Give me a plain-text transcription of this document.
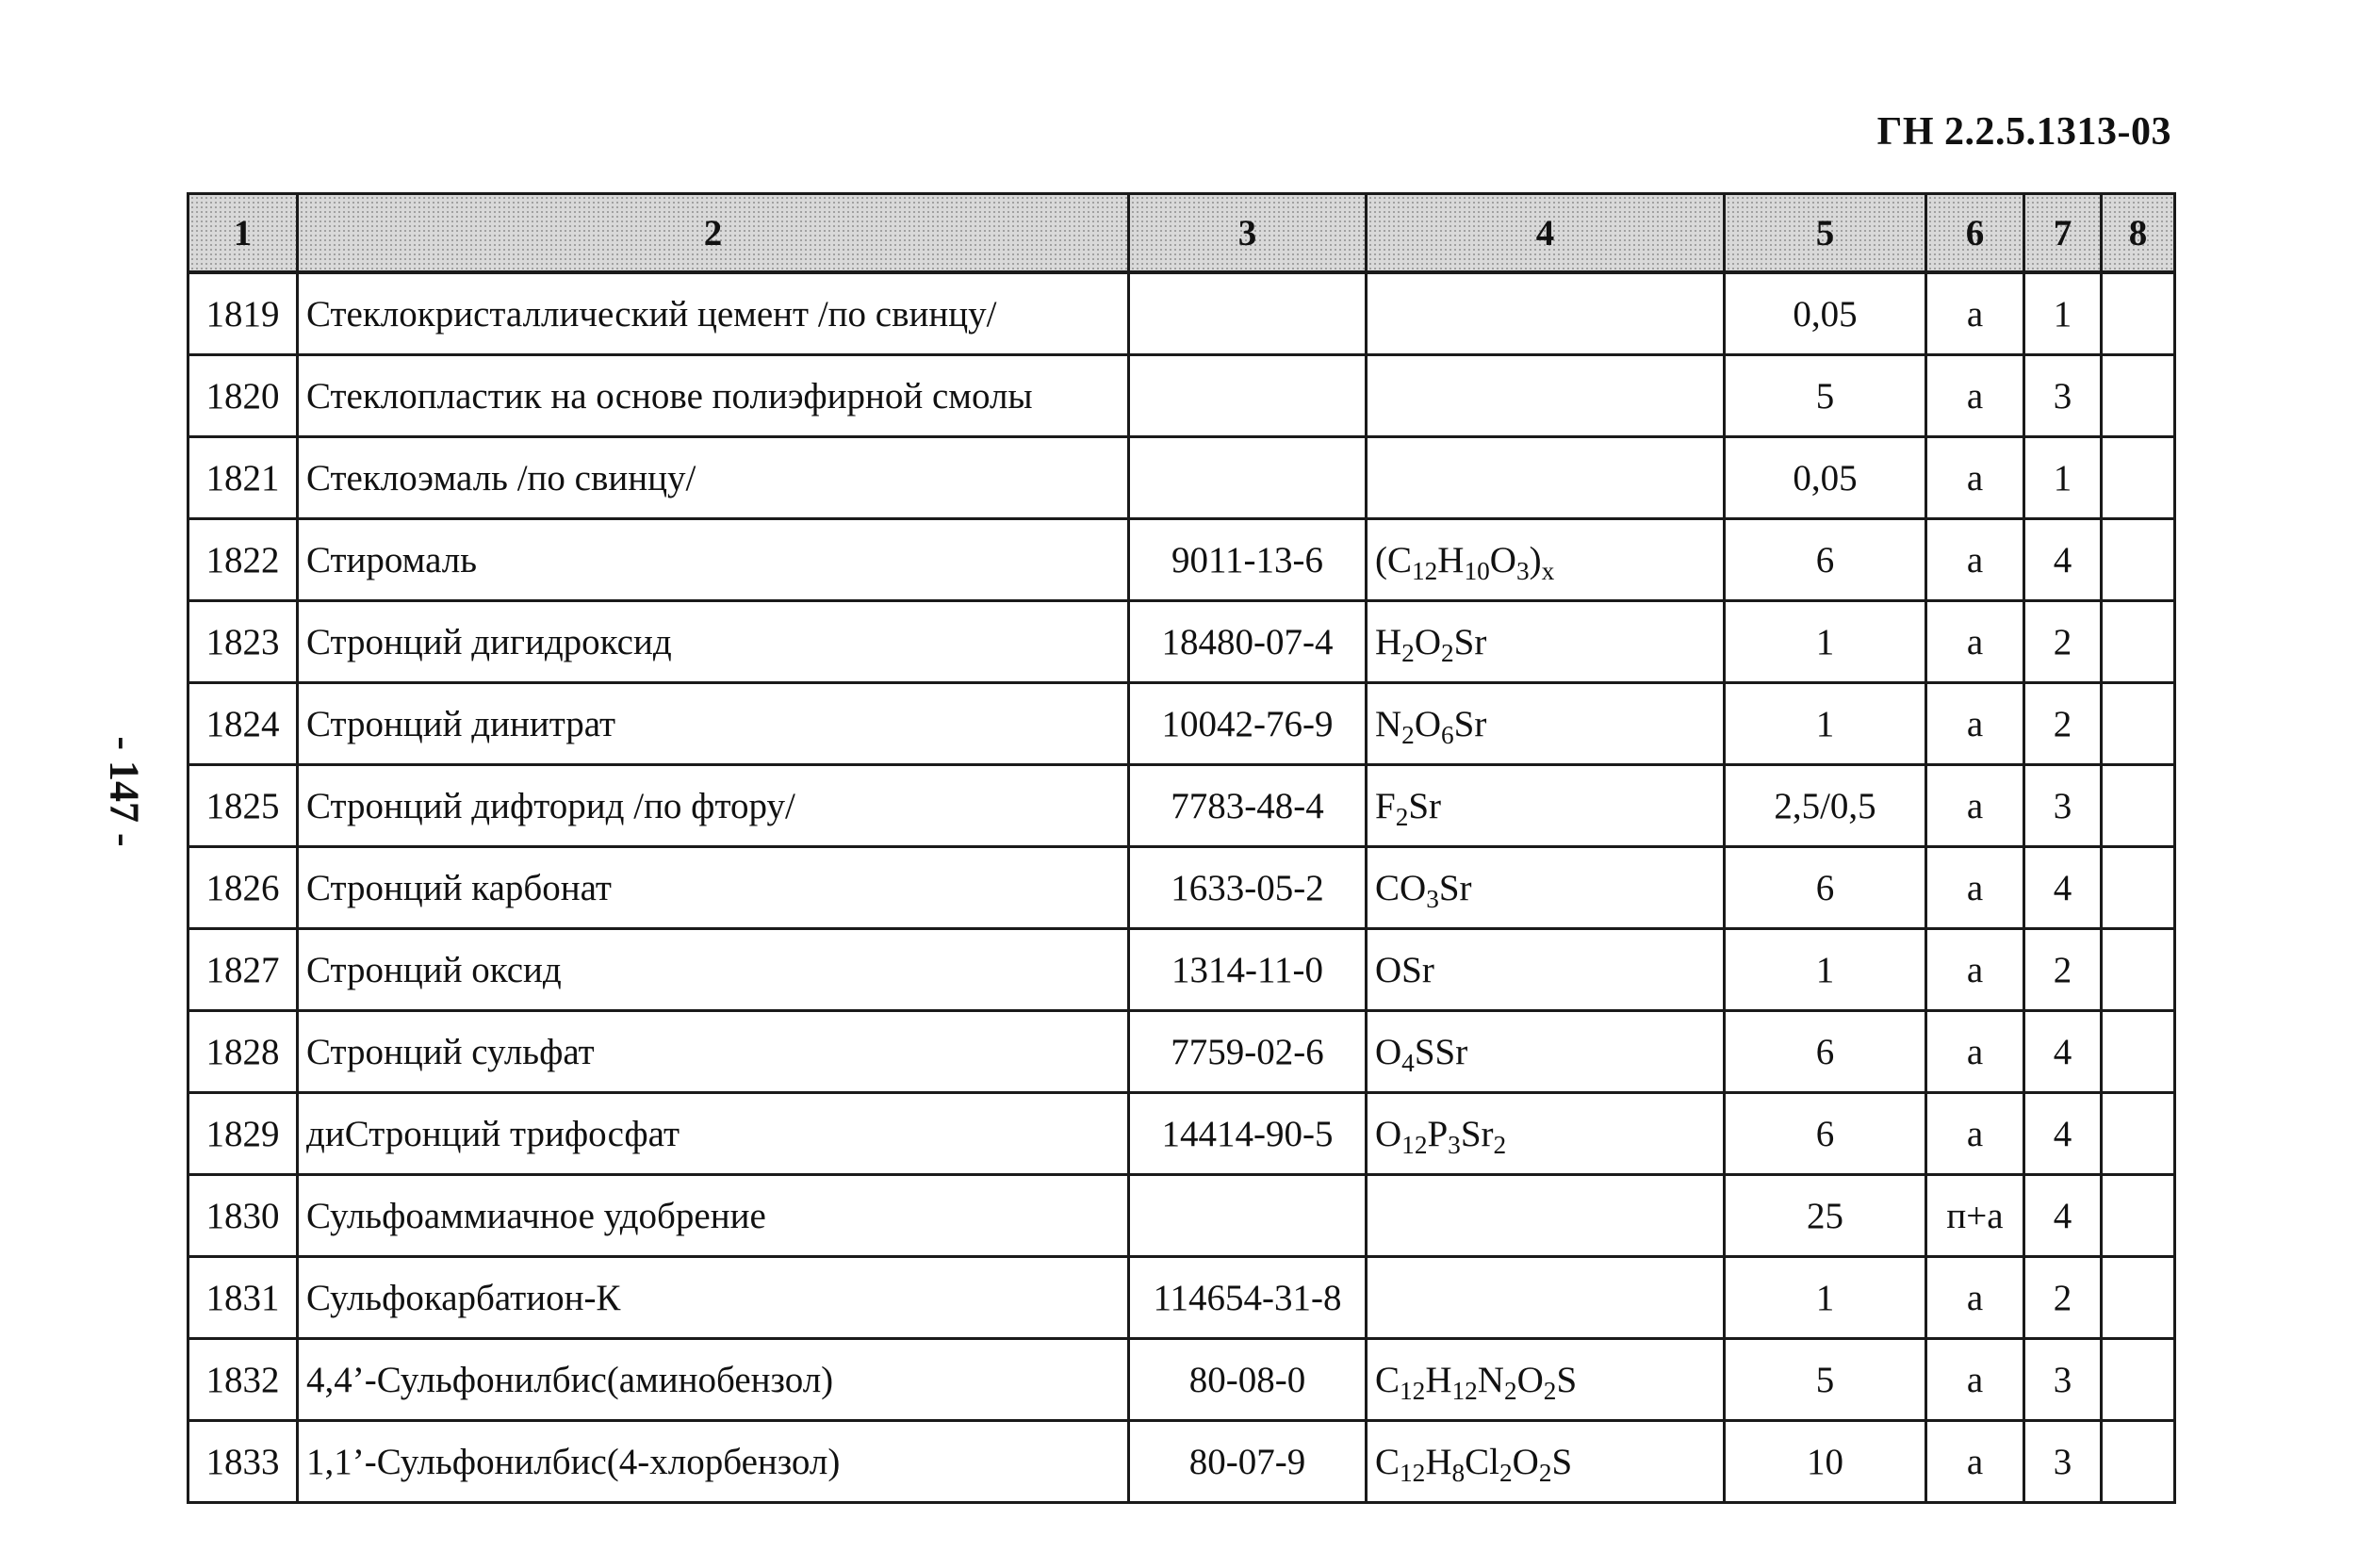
ГН 2.2.5.1313-03
- 147 -
1	2	3	4	5	6	7	8
1819	Стеклокристаллический цемент /по свинцу/			0,05	а	1	
1820	Стеклопластик на основе полиэфирной смолы			5	а	3	
1821	Стеклоэмаль /по свинцу/			0,05	а	1	
1822	Стиромаль	9011-13-6	$(C_{12}H_{10}O_3)_x$	6	а	4	
1823	Стронций дигидроксид	18480-07-4	$H_2O_2Sr$	1	а	2	
1824	Стронций динитрат	10042-76-9	$N_2O_6Sr$	1	а	2	
1825	Стронций дифторид /по фтору/	7783-48-4	$F_2Sr$	2,5/0,5	а	3	
1826	Стронций карбонат	1633-05-2	$CO_3Sr$	6	а	4	
1827	Стронций оксид	1314-11-0	OSr	1	а	2	
1828	Стронций сульфат	7759-02-6	$O_4SSr$	6	а	4	
1829	диСтронций трифосфат	14414-90-5	$O_{12}P_3Sr_2$	6	а	4	
1830	Сульфоаммиачное удобрение			25	п+а	4	
1831	Сульфокарбатион-К	114654-31-8		1	а	2	
1832	4,4’-Сульфонилбис(аминобензол)	80-08-0	$C_{12}H_{12}N_2O_2S$	5	а	3	
1833	1,1’-Сульфонилбис(4-хлорбензол)	80-07-9	$C_{12}H_8Cl_2O_2S$	10	а	3	
